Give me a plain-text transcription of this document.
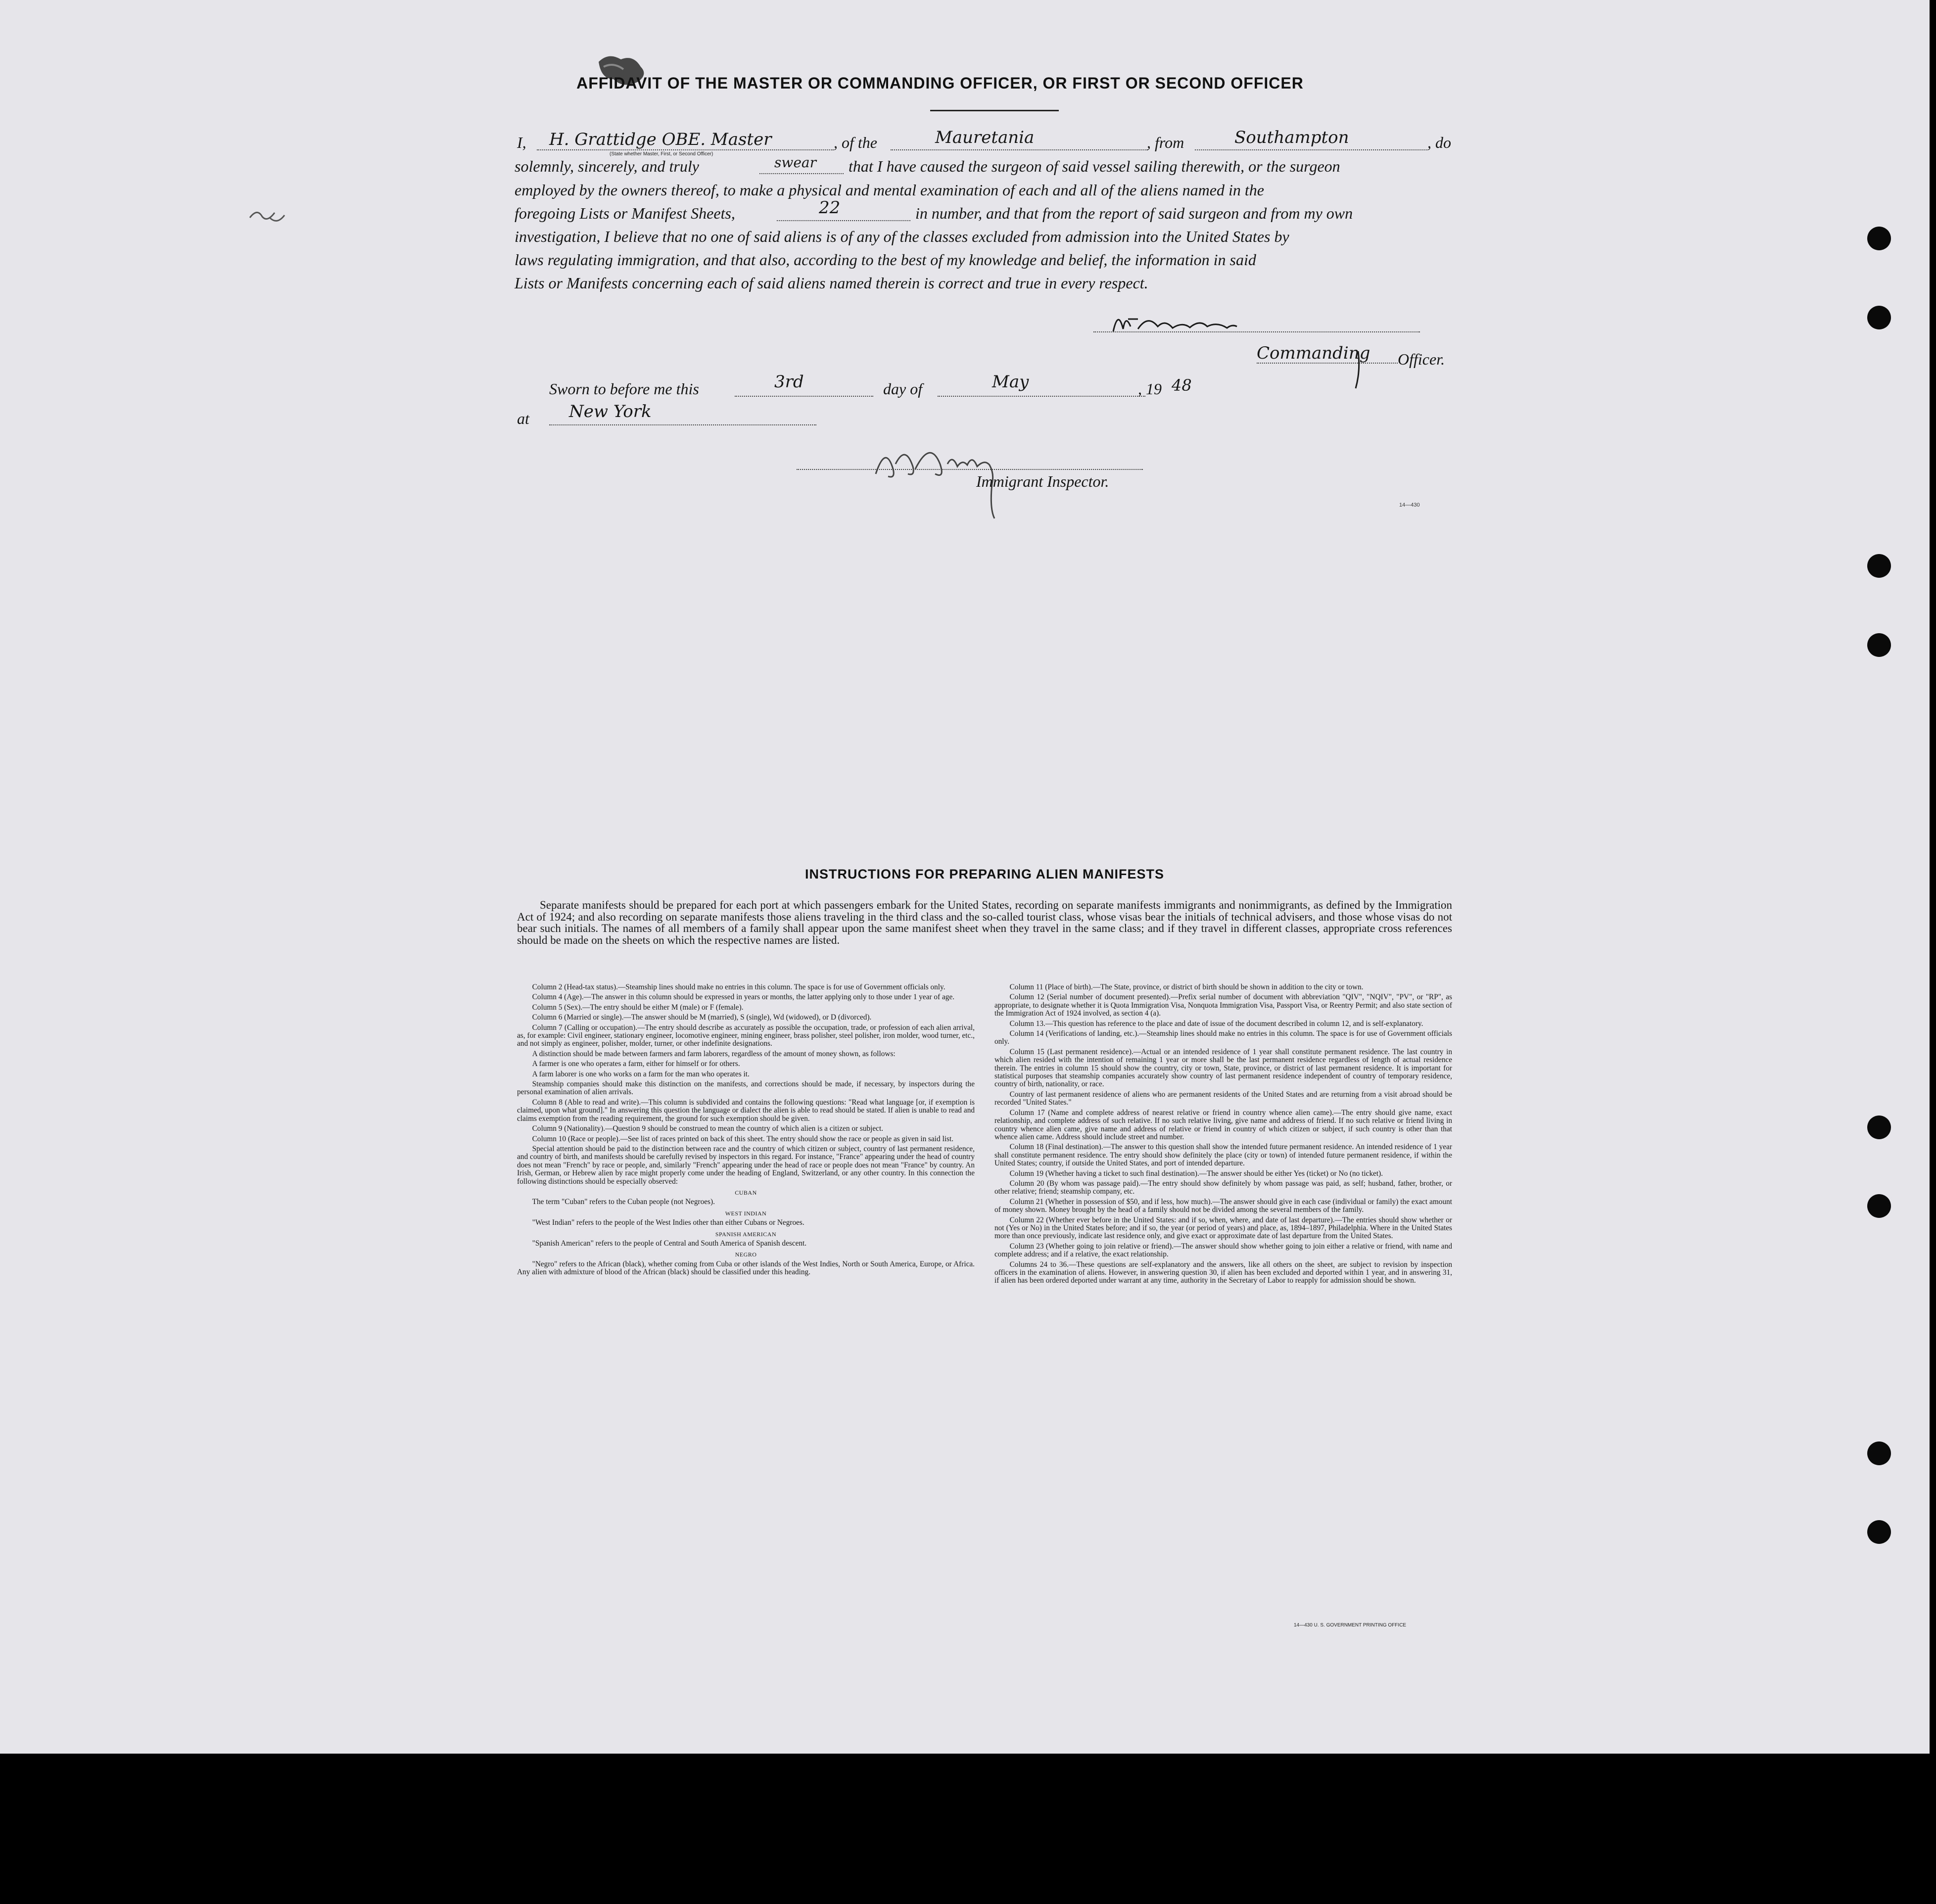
AFFIDAVIT OF THE MASTER OR COMMANDING OFFICER, OR FIRST OR SECOND OFFICER
I, H. Grattidge OBE. Master
(State whether Master, First, or Second Officer)
, of the	Mauretania	, from	Southampton	, do
solemnly, sincerely, and truly	swear that I have caused the surgeon of said vessel sailing therewith, or the surgeon
employed by the owners thereof, to make a physical and mental examination of each and all of the aliens named in the
foregoing Lists or Manifest Sheets,	22	in number, and that from the report of said surgeon and from my own
investigation, I believe that no one of said aliens is of any of the classes excluded from admission into the United States by
laws regulating immigration, and that also, according to the best of my knowledge and belief, the information in said
Lists or Manifests concerning each of said aliens named therein is correct and true in every respect.
Commanding Officer.
Sworn to before me this	3rd	day of	May	, 19 48
at New York
Immigrant Inspector.
14—430
INSTRUCTIONS FOR PREPARING ALIEN MANIFESTS
Separate manifests should be prepared for each port at which passengers embark for the United States, recording on separate manifests immigrants and nonimmigrants, as defined by the Immigration Act of 1924; and also recording on separate manifests those aliens traveling in the third class and the so-called tourist class, whose visas bear the initials of technical advisers, and those whose visas do not bear such initials. The names of all members of a family shall appear upon the same manifest sheet when they travel in the same class; and if they travel in different classes, appropriate cross references should be made on the sheets on which the respective names are listed.

Column 2 (Head-tax status).—Steamship lines should make no entries in this column. The space is for use of Government officials only.

Column 4 (Age).—The answer in this column should be expressed in years or months, the latter applying only to those under 1 year of age.

Column 5 (Sex).—The entry should be either M (male) or F (female).

Column 6 (Married or single).—The answer should be M (married), S (single), Wd (widowed), or D (divorced).

Column 7 (Calling or occupation).—The entry should describe as accurately as possible the occupation, trade, or profession of each alien arrival, as, for example: Civil engineer, stationary engineer, locomotive engineer, mining engineer, brass polisher, steel polisher, iron molder, wood turner, etc., and not simply as engineer, polisher, molder, turner, or other indefinite designations.

A distinction should be made between farmers and farm laborers, regardless of the amount of money shown, as follows:

A farmer is one who operates a farm, either for himself or for others.

A farm laborer is one who works on a farm for the man who operates it.

Steamship companies should make this distinction on the manifests, and corrections should be made, if necessary, by inspectors during the personal examination of alien arrivals.

Column 8 (Able to read and write).—This column is subdivided and contains the following questions: "Read what language [or, if exemption is claimed, upon what ground]." In answering this question the language or dialect the alien is able to read should be stated. If alien is unable to read and claims exemption from the reading requirement, the ground for such exemption should be given.

Column 9 (Nationality).—Question 9 should be construed to mean the country of which alien is a citizen or subject.

Column 10 (Race or people).—See list of races printed on back of this sheet. The entry should show the race or people as given in said list.

Special attention should be paid to the distinction between race and the country of which citizen or subject, country of last permanent residence, and country of birth, and manifests should be carefully revised by inspectors in this regard. For instance, "France" appearing under the head of country does not mean "French" by race or people, and, similarly "French" appearing under the head of race or people does not mean "France" by country. An Irish, German, or Hebrew alien by race might properly come under the heading of England, Switzerland, or any other country. In this connection the following distinctions should be especially observed:

CUBAN

The term "Cuban" refers to the Cuban people (not Negroes).

WEST INDIAN

"West Indian" refers to the people of the West Indies other than either Cubans or Negroes.

SPANISH AMERICAN

"Spanish American" refers to the people of Central and South America of Spanish descent.

NEGRO

"Negro" refers to the African (black), whether coming from Cuba or other islands of the West Indies, North or South America, Europe, or Africa. Any alien with admixture of blood of the African (black) should be classified under this heading.

Column 11 (Place of birth).—The State, province, or district of birth should be shown in addition to the city or town.

Column 12 (Serial number of document presented).—Prefix serial number of document with abbreviation "QIV", "NQIV", "PV", or "RP", as appropriate, to designate whether it is Quota Immigration Visa, Nonquota Immigration Visa, Passport Visa, or Reentry Permit; and also state section of the Immigration Act of 1924 involved, as section 4 (a).

Column 13.—This question has reference to the place and date of issue of the document described in column 12, and is self-explanatory.

Column 14 (Verifications of landing, etc.).—Steamship lines should make no entries in this column. The space is for use of Government officials only.

Column 15 (Last permanent residence).—Actual or an intended residence of 1 year shall constitute permanent residence. The last country in which alien resided with the intention of remaining 1 year or more shall be the last permanent residence regardless of length of actual residence therein. The entries in column 15 should show the country, city or town, State, province, or district of last permanent residence. It is important for statistical purposes that steamship companies accurately show country of last permanent residence independent of country of temporary residence, country of birth, nationality, or race.

Country of last permanent residence of aliens who are permanent residents of the United States and are returning from a visit abroad should be recorded "United States."

Column 17 (Name and complete address of nearest relative or friend in country whence alien came).—The entry should give name, exact relationship, and complete address of such relative. If no such relative living, give name and address of friend. If no such relative or friend living in country whence alien came, give name and address of relative or friend in country of which citizen or subject, if such country is other than that whence alien came. Address should include street and number.

Column 18 (Final destination).—The answer to this question shall show the intended future permanent residence. An intended residence of 1 year shall constitute permanent residence. The entry should show definitely the place (city or town) of intended future permanent residence, if within the United States; country, if outside the United States, and port of intended departure.

Column 19 (Whether having a ticket to such final destination).—The answer should be either Yes (ticket) or No (no ticket).

Column 20 (By whom was passage paid).—The entry should show definitely by whom passage was paid, as self; husband, father, brother, or other relative; friend; steamship company, etc.

Column 21 (Whether in possession of $50, and if less, how much).—The answer should give in each case (individual or family) the exact amount of money shown. Money brought by the head of a family should not be divided among the several members of the family.

Column 22 (Whether ever before in the United States: and if so, when, where, and date of last departure).—The entries should show whether or not (Yes or No) in the United States before; and if so, the year (or period of years) and place, as, 1894–1897, Philadelphia. Where in the United States more than once previously, indicate last residence only, and give exact or approximate date of last departure from the United States.

Column 23 (Whether going to join relative or friend).—The answer should show whether going to join either a relative or friend, with name and complete address; and if a relative, the exact relationship.

Columns 24 to 36.—These questions are self-explanatory and the answers, like all others on the sheet, are subject to revision by inspection officers in the examination of aliens. However, in answering question 30, if alien has been excluded and deported within 1 year, and in answering 31, if alien has been ordered deported under warrant at any time, authority in the Secretary of Labor to reapply for admission should be shown.

14—430 U. S. GOVERNMENT PRINTING OFFICE
